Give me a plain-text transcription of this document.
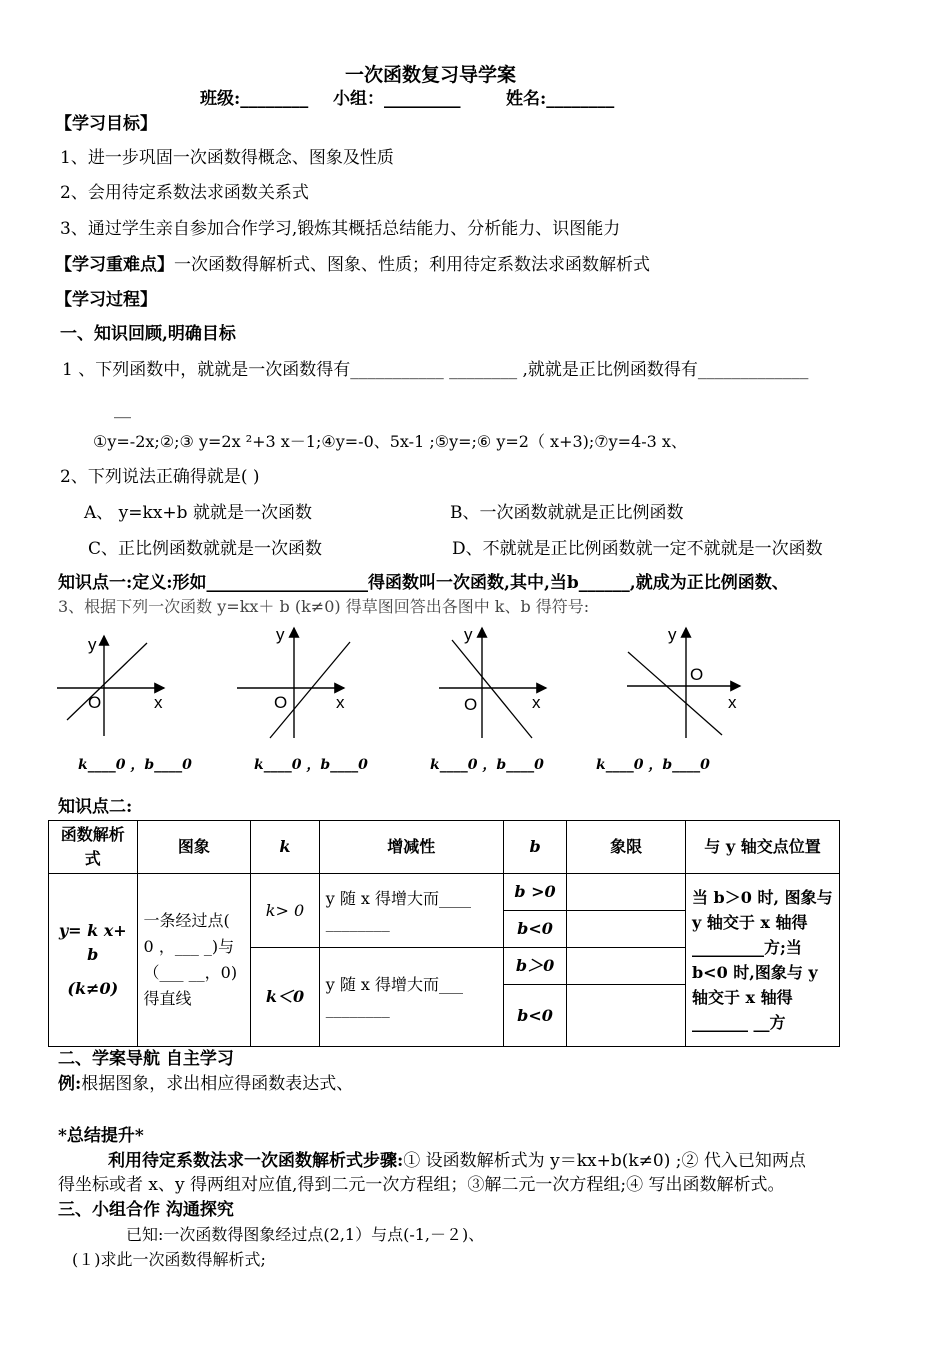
一次函数复习导学案
班级:________ 小组：_________	姓名:________
【学习目标】
1、进一步巩固一次函数得概念、图象及性质
2、会用待定系数法求函数关系式
3、通过学生亲自参加合作学习,锻炼其概括总结能力、分析能力、识图能力
【学习重难点】一次函数得解析式、图象、性质；利用待定系数法求函数解析式
【学习过程】
一、知识回顾,明确目标
1 、下列函数中，就就是一次函数得有___________ ________ ,就就是正比例函数得有_____________
__
①y=-2x;②;③ y=2x ²+3 x－1;④y=-0、5x-1 ;⑤y=;⑥ y=2（ x+3);⑦y=4-3 x、
2、下列说法正确得就是( )
A、 y=kx+b 就就是一次函数	B、一次函数就就是正比例函数
C、正比例函数就就是一次函数	D、不就就是正比例函数就一定不就就是一次函数
知识点一:定义:形如___________________得函数叫一次函数,其中,当b______,就成为正比例函数、
3、根据下列一次函数 y=kx＋ b (k≠0) 得草图回答出各图中 k、b 得符号:
y
x
O
y
x
O
y
x
O
y
x
O
k____0 ，b____0	k____0 ，b____0	k____0 ，b____0	k____0 ，b____0
知识点二:
函数解析式	图象	k	增减性	b	象限	与 y 轴交点位置

y= k x+ b
(k≠0)	一条经过点( 0 ，___ _)与（___ __，0)得直线	k> 0	y 随 x 得增大而____ ________	b >0		当 b＞0 时, 图象与 y 轴交于 x 轴得_________方;当 b<0 时,图象与 y 轴交于 x 轴得_______ __方
				b<0		
		k＜0	y 随 x 得增大而___ ________	b＞0		
				b<0		
二、学案导航 自主学习
例:根据图象，求出相应得函数表达式、
*总结提升*
利用待定系数法求一次函数解析式步骤:① 设函数解析式为 y＝kx+b(k≠0) ;② 代入已知两点
得坐标或者 x、y 得两组对应值,得到二元一次方程组；③解二元一次方程组;④ 写出函数解析式。
三、小组合作 沟通探究
已知:一次函数得图象经过点(2,1）与点(-1,－２)、
(１)求此一次函数得解析式;
